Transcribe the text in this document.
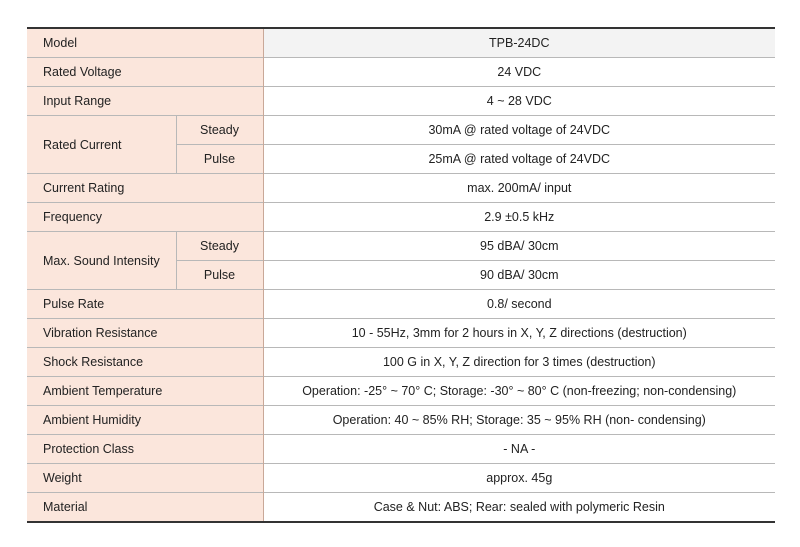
Model		TPB-24DC
Rated Voltage		24 VDC
Input Range		4 ~ 28 VDC
Rated Current	Steady	30mA @ rated voltage of 24VDC
	Pulse	25mA @ rated voltage of 24VDC
Current Rating		max. 200mA/ input
Frequency		2.9 ±0.5 kHz
Max. Sound Intensity	Steady	95 dBA/ 30cm
	Pulse	90 dBA/ 30cm
Pulse Rate		0.8/ second
Vibration Resistance		10 - 55Hz, 3mm for 2 hours in X, Y, Z directions (destruction)
Shock Resistance		100 G in X, Y, Z direction for 3 times (destruction)
Ambient Temperature		Operation: -25° ~ 70° C; Storage: -30° ~ 80° C (non-freezing; non-condensing)
Ambient Humidity		Operation: 40 ~ 85% RH; Storage: 35 ~ 95% RH (non- condensing)
Protection Class		- NA -
Weight		approx. 45g
Material		Case & Nut: ABS; Rear: sealed with polymeric Resin
